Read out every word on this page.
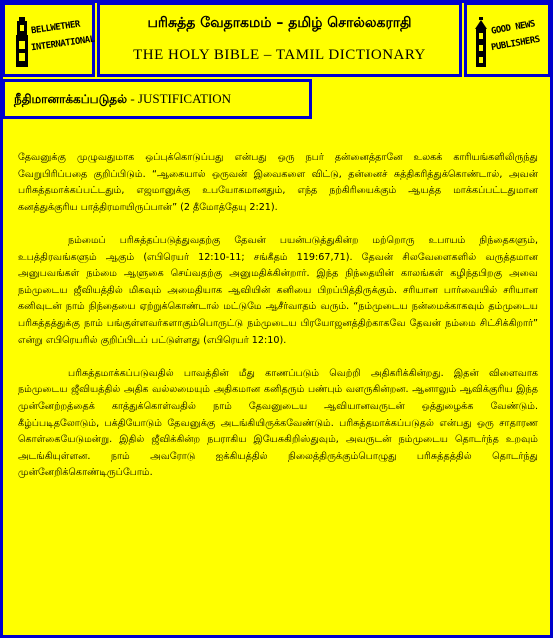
BELLWETHER
INTERNATIONAL
பரிசுத்த வேதாகமம் – தமிழ் சொல்லகராதி
THE HOLY BIBLE – TAMIL DICTIONARY
GOOD NEWS
PUBLISHERS
நீதிமானாக்கப்படுதல் - JUSTIFICATION

தேவனுக்கு முழுவதுமாக ஒப்புக்கொடுப்பது என்பது ஒரு நபர் தன்னைத்தானே உலகக் காரியங்களிலிருந்து வேறுபிரிப்பதை குறிப்பிடும். “ஆகையால் ஒருவன் இவைகளை விட்டு, தன்னைச் சுத்திகரித்துக்கொண்டால், அவன் பரிசுத்தமாக்கப்பட்டதும், எஜமானுக்கு உபயோகமானதும், எந்த நற்கிரியைக்கும் ஆயத்த மாக்கப்பட்டதுமான கனத்துக்குரிய பாத்திரமாயிருப்பான்” (2 தீமோத்தேயு 2:21).

நம்மைப் பரிசுத்தப்படுத்துவதற்கு தேவன் பயன்படுத்துகின்ற மற்றொரு உபாயம் நிந்தைகளும், உபத்திரவங்களும் ஆகும் (எபிரெயர் 12:10-11; சங்கீதம் 119:67,71). தேவன் சிலவேளைகளில் வருத்தமான அனுபவங்கள் நம்மை ஆளுகை செய்வதற்கு அனுமதிக்கின்றார். இந்த நிந்தையின் காலங்கள் கழிந்தபிறகு அவை நம்முடைய ஜீவியத்தில் மிகவும் அமைதியாக ஆவியின் கனியை பிறப்பித்திருக்கும். சரியான பார்வையில் சரியான கனிவுடன் நாம் நிந்தையை ஏற்றுக்கொண்டால் மட்டுமே ஆசீர்வாதம் வரும். “நம்முடைய நன்மைக்காகவும் தம்முடைய பரிசுத்தத்துக்கு நாம் பங்குள்ளவர்களாகும்பொருட்டு நம்முடைய பிரயோஜனத்திற்காகவே தேவன் நம்மை சிட்சிக்கிறார்” என்று எபிரெயரில் குறிப்பிடப் பட்டுள்ளது (எபிரெயர் 12:10).

பரிசுத்தமாக்கப்படுவதில் பாவத்தின் மீது காணப்படும் வெற்றி அதிகரிக்கின்றது. இதன் விளைவாக நம்முடைய ஜீவியத்தில் அதிக வல்லமையும் அதிகமான கனிதரும் பண்பும் வளருகின்றன. ஆனாலும் ஆவிக்குரிய இந்த முன்னேற்றத்தைக் காத்துக்கொள்வதில் நாம் தேவனுடைய ஆவியானவருடன் ஒத்துழைக்க வேண்டும். கீழ்ப்படிதலோடும், பக்தியோடும் தேவனுக்கு அடங்கியிருக்கவேண்டும். பரிசுத்தமாக்கப்படுதல் என்பது ஒரு சாதாரண கொள்கையேடுமன்று. இதில் ஜீவிக்கின்ற நபராகிய இயேசுகிறிஸ்துவும், அவருடன் நம்முடைய தொடர்ந்த உறவும் அடங்கியுள்ளன. நாம் அவரோடு ஐக்கியத்தில் நிலைத்திருக்கும்பொழுது பரிசுத்தத்தில் தொடர்ந்து முன்னேறிக்கொண்டிருப்போம்.
